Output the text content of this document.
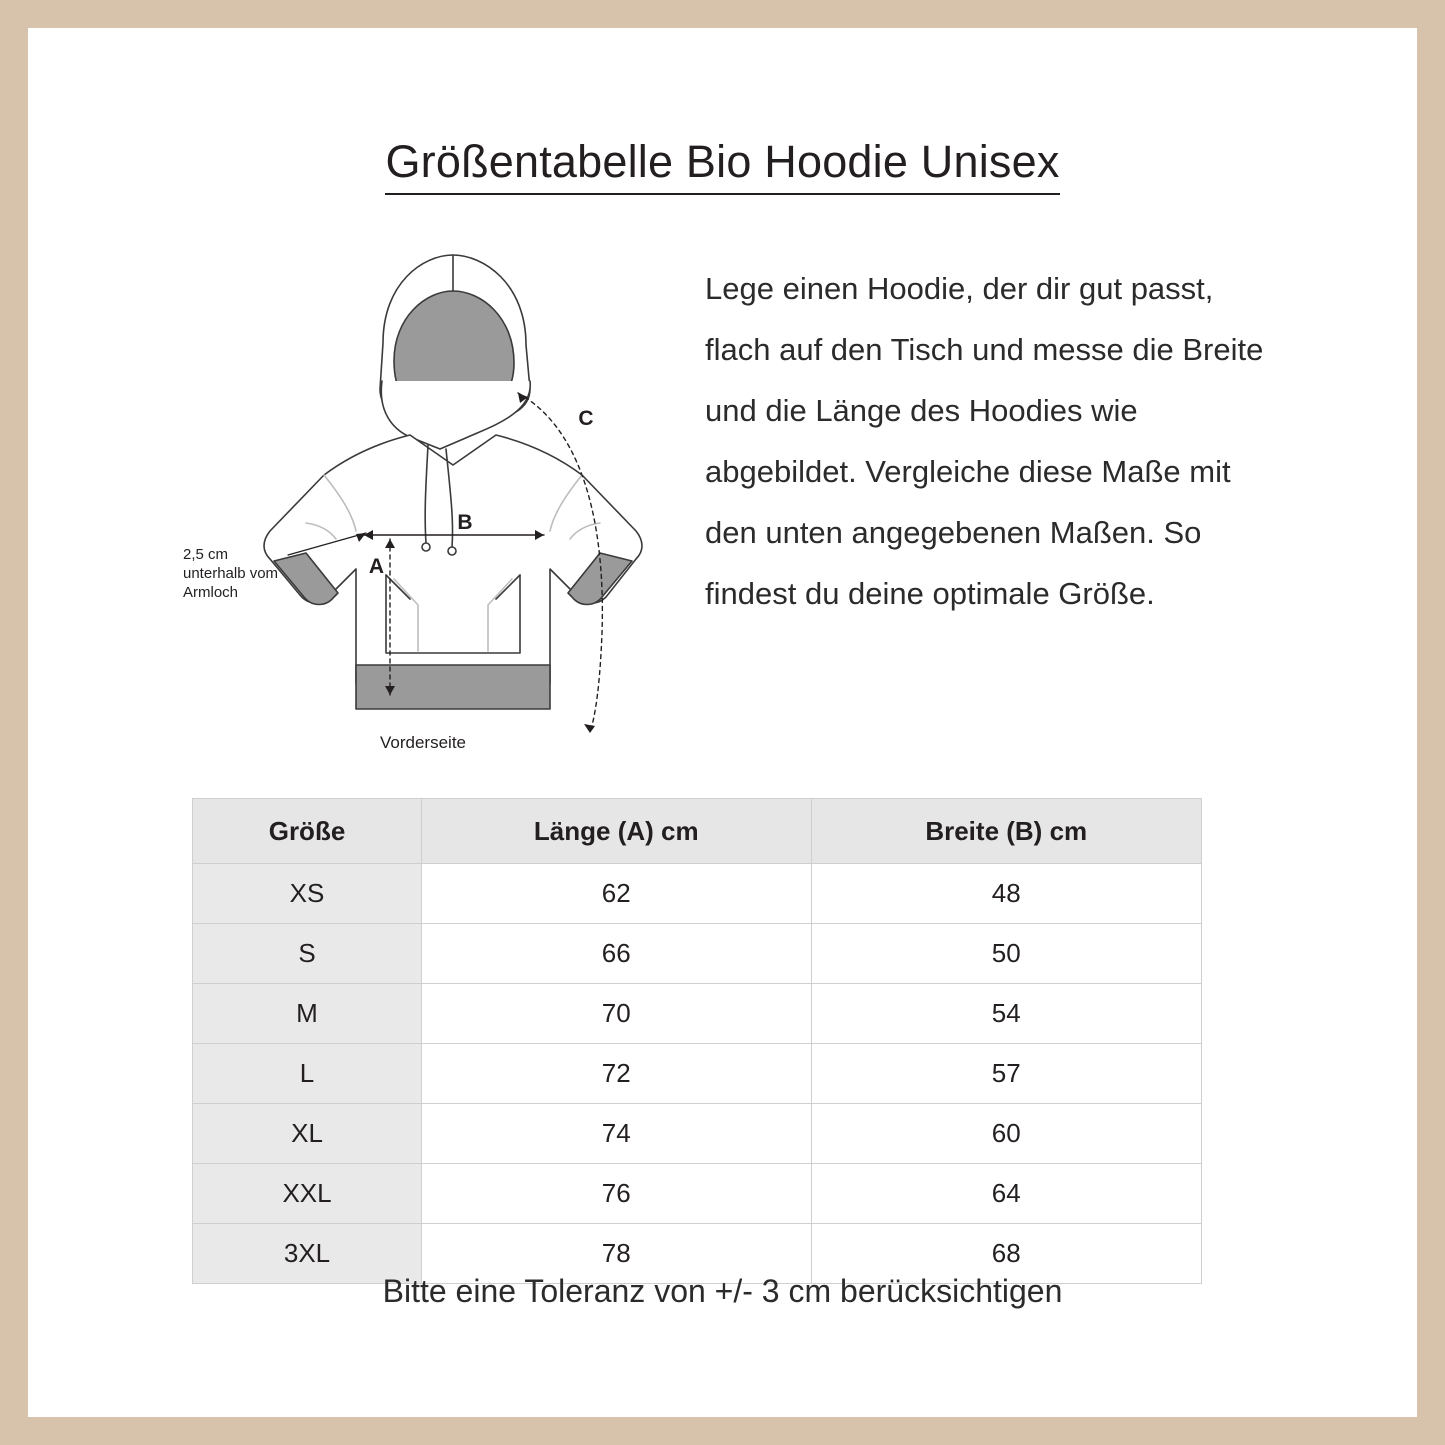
Größentabelle Bio Hoodie Unisex
B
A
C
2,5 cm unterhalb vom Armloch
Vorderseite
Lege einen Hoodie, der dir gut passt, flach auf den Tisch und messe die Breite und die Länge des Hoodies wie abgebildet. Vergleiche diese Maße mit den unten angegebenen Maßen. So findest du deine optimale Größe.
Größe	Länge (A) cm	Breite (B) cm
XS	62	48
S	66	50
M	70	54
L	72	57
XL	74	60
XXL	76	64
3XL	78	68
Bitte eine Toleranz von +/- 3 cm berücksichtigen
